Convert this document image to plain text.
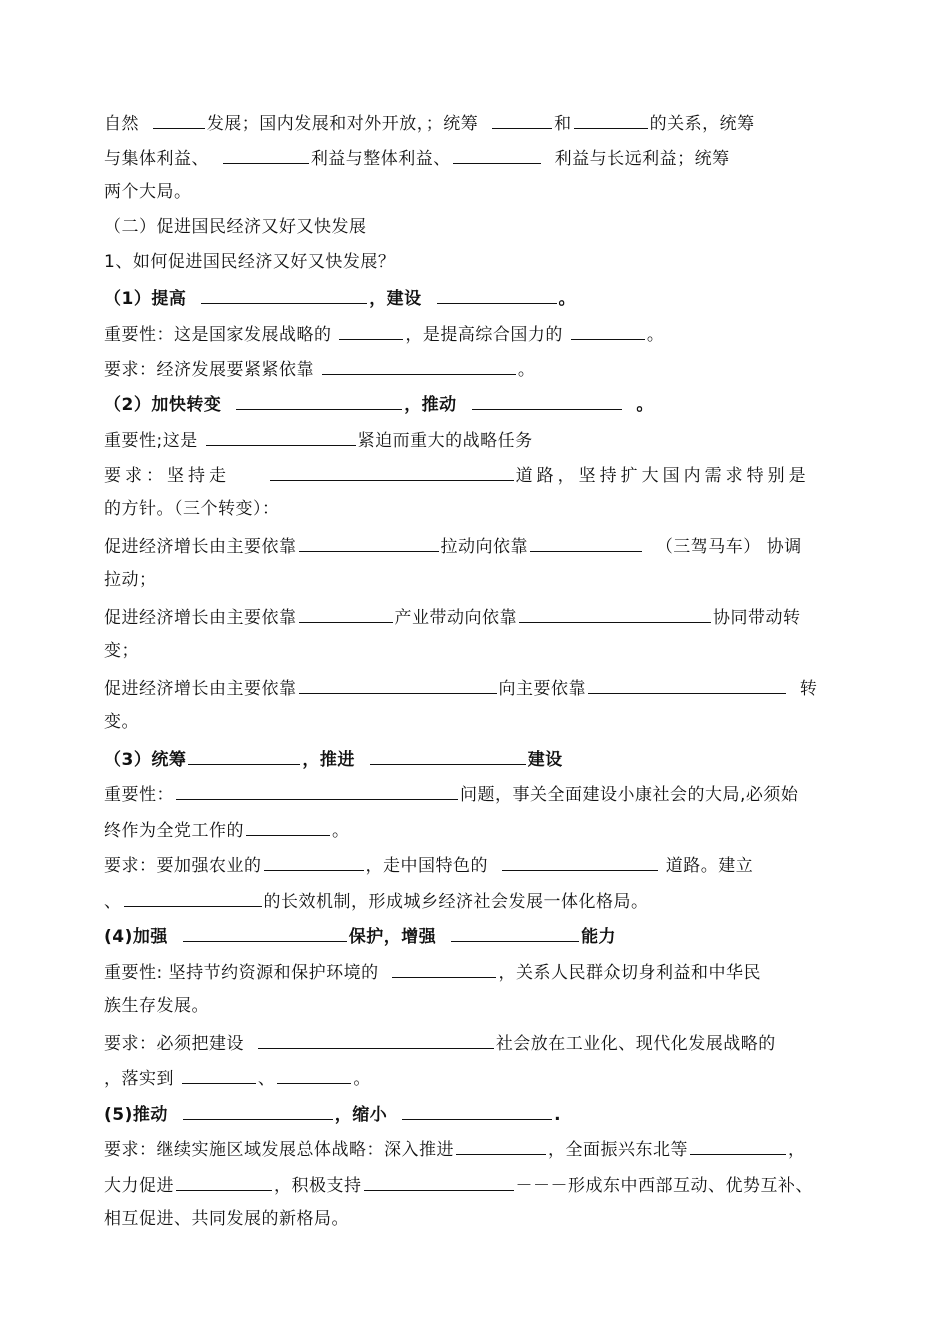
自然	发展；国内发展和对外开放，；统筹	和	的关系，统筹
与集体利益、	利益与整体利益、	利益与长远利益；统筹
两个大局。
（二）促进国民经济又好又快发展
1、如何促进国民经济又好又快发展？
（1）提高	，建设	。
重要性：这是国家发展战略的	，是提高综合国力的	。
要求：经济发展要紧紧依靠	。
（2）加快转变	，推动	。
重要性;这是	紧迫而重大的战略任务
要求：坚持走	道路，坚持扩大国内需求特别是
的方针。（三个转变）：
促进经济增长由主要依靠	拉动向依靠	（三驾马车） 协调
拉动；
促进经济增长由主要依靠	产业带动向依靠	协同带动转
变；
促进经济增长由主要依靠	向主要依靠	转
变。
（3）统筹	，推进	建设
重要性：	问题，事关全面建设小康社会的大局,必须始
终作为全党工作的	。
要求：要加强农业的	，走中国特色的	道路。建立
、	的长效机制，形成城乡经济社会发展一体化格局。
(4)加强	保护，增强	能力
重要性: 坚持节约资源和保护环境的	，关系人民群众切身利益和中华民
族生存发展。
要求：必须把建设	社会放在工业化、现代化发展战略的
，落实到	、	。
(5)推动	，缩小	.
要求：继续实施区域发展总体战略：深入推进	，全面振兴东北等	，
大力促进	，积极支持	－－－形成东中西部互动、优势互补、
相互促进、共同发展的新格局。
